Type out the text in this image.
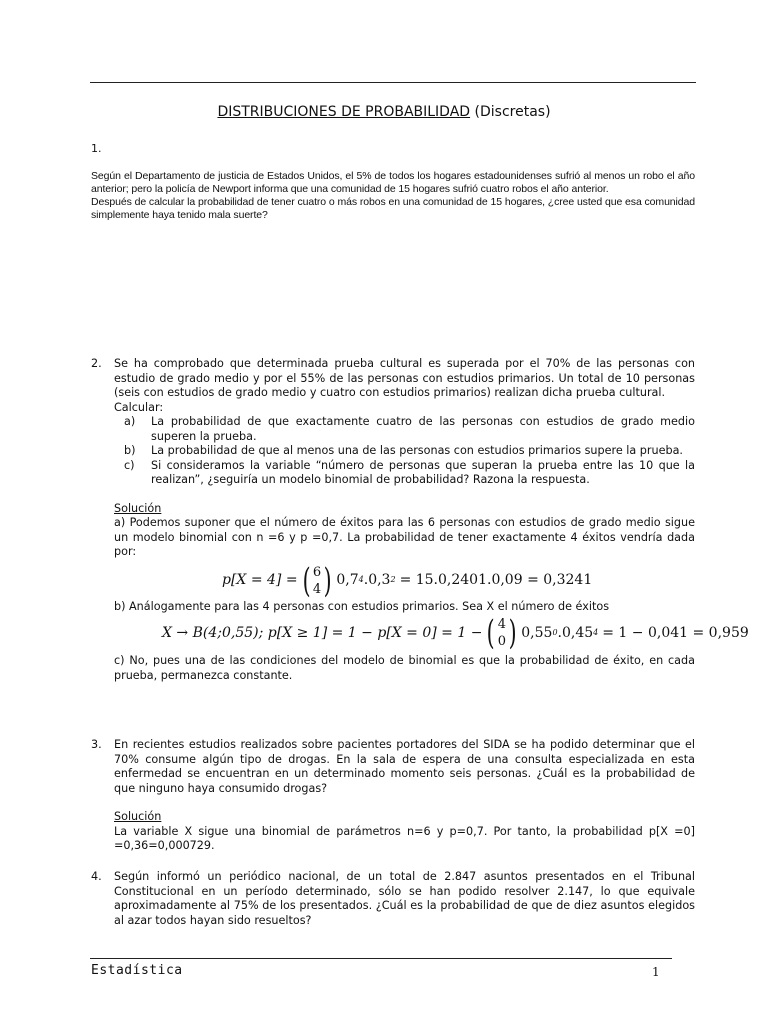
DISTRIBUCIONES DE PROBABILIDAD (Discretas)
1.

Según el Departamento de justicia de Estados Unidos, el 5% de todos los hogares estadounidenses sufrió al menos un robo el año anterior; pero la policía de Newport informa que una comunidad de 15 hogares sufrió cuatro robos el año anterior.

Después de calcular la probabilidad de tener cuatro o más robos en una comunidad de 15 hogares, ¿cree usted que esa comunidad simplemente haya tenido mala suerte?

2. Se ha comprobado que determinada prueba cultural es superada por el 70% de las personas con estudio de grado medio y por el 55% de las personas con estudios primarios. Un total de 10 personas (seis con estudios de grado medio y cuatro con estudios primarios) realizan dicha prueba cultural.

Calcular:

a) La probabilidad de que exactamente cuatro de las personas con estudios de grado medio superen la prueba.
b) La probabilidad de que al menos una de las personas con estudios primarios supere la prueba.
c) Si consideramos la variable “número de personas que superan la prueba entre las 10 que la realizan”, ¿seguiría un modelo binomial de probabilidad? Razona la respuesta.

Solución

a) Podemos suponer que el número de éxitos para las 6 personas con estudios de grado medio sigue un modelo binomial con n =6 y p =0,7. La probabilidad de tener exactamente 4 éxitos vendría dada por:

p[X = 4] = ( 6
4 ) 0,7 4 .0,3 2 = 15.0,2401.0,09 = 0,3241

b) Análogamente para las 4 personas con estudios primarios. Sea X el número de éxitos

X → B(4;0,55); p[X ≥ 1] = 1 − p[X = 0] = 1 − ( 4
0 ) 0,55 0 .0,45 4 = 1 − 0,041 = 0,959

c) No, pues una de las condiciones del modelo de binomial es que la probabilidad de éxito, en cada prueba, permanezca constante.

3. En recientes estudios realizados sobre pacientes portadores del SIDA se ha podido determinar que el 70% consume algún tipo de drogas. En la sala de espera de una consulta especializada en esta enfermedad se encuentran en un determinado momento seis personas. ¿Cuál es la probabilidad de que ninguno haya consumido drogas?

Solución

La variable X sigue una binomial de parámetros n=6 y p=0,7. Por tanto, la probabilidad p[X =0] =0,36=0,000729.

4. Según informó un periódico nacional, de un total de 2.847 asuntos presentados en el Tribunal Constitucional en un período determinado, sólo se han podido resolver 2.147, lo que equivale aproximadamente al 75% de los presentados. ¿Cuál es la probabilidad de que de diez asuntos elegidos al azar todos hayan sido resueltos?

Estadística	1
